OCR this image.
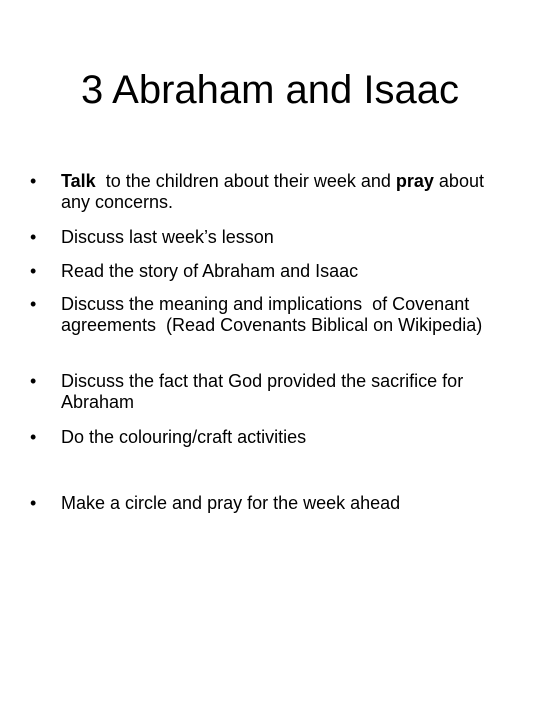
3 Abraham and Isaac
•	Talk  to the children about their week and pray about any concerns.
•	Discuss last week’s lesson
•	Read the story of Abraham and Isaac
•	Discuss the meaning and implications  of Covenant agreements  (Read Covenants Biblical on Wikipedia)
•	Discuss the fact that God provided the sacrifice for Abraham
•	Do the colouring/craft activities
•	Make a circle and pray for the week ahead
